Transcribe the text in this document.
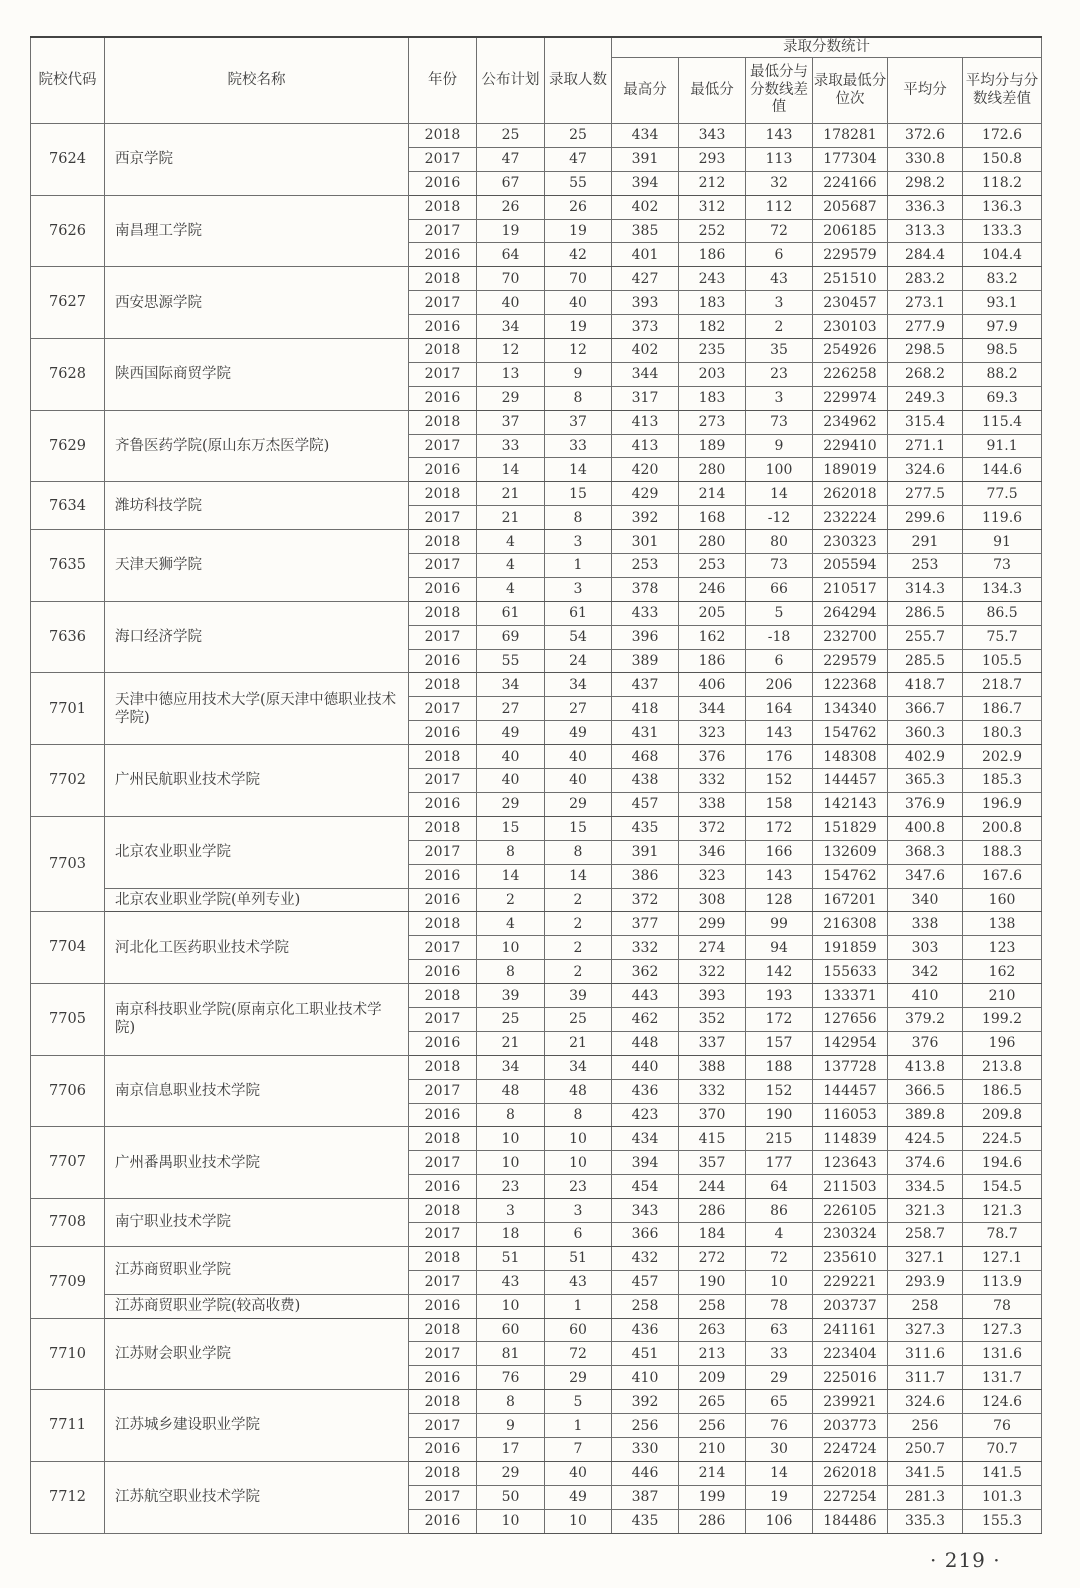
院校代码	院校名称	年份	公布计划	录取人数	录取分数统计					
					最高分	最低分	最低分与分数线差值	录取最低分位次	平均分	平均分与分数线差值
7624	西京学院	2018	25	25	434	343	143	178281	372.6	172.6
		2017	47	47	391	293	113	177304	330.8	150.8
		2016	67	55	394	212	32	224166	298.2	118.2
7626	南昌理工学院	2018	26	26	402	312	112	205687	336.3	136.3
		2017	19	19	385	252	72	206185	313.3	133.3
		2016	64	42	401	186	6	229579	284.4	104.4
7627	西安思源学院	2018	70	70	427	243	43	251510	283.2	83.2
		2017	40	40	393	183	3	230457	273.1	93.1
		2016	34	19	373	182	2	230103	277.9	97.9
7628	陕西国际商贸学院	2018	12	12	402	235	35	254926	298.5	98.5
		2017	13	9	344	203	23	226258	268.2	88.2
		2016	29	8	317	183	3	229974	249.3	69.3
7629	齐鲁医药学院(原山东万杰医学院)	2018	37	37	413	273	73	234962	315.4	115.4
		2017	33	33	413	189	9	229410	271.1	91.1
		2016	14	14	420	280	100	189019	324.6	144.6
7634	潍坊科技学院	2018	21	15	429	214	14	262018	277.5	77.5
		2017	21	8	392	168	-12	232224	299.6	119.6
7635	天津天狮学院	2018	4	3	301	280	80	230323	291	91
		2017	4	1	253	253	73	205594	253	73
		2016	4	3	378	246	66	210517	314.3	134.3
7636	海口经济学院	2018	61	61	433	205	5	264294	286.5	86.5
		2017	69	54	396	162	-18	232700	255.7	75.7
		2016	55	24	389	186	6	229579	285.5	105.5
7701	天津中德应用技术大学(原天津中德职业技术学院)	2018	34	34	437	406	206	122368	418.7	218.7
		2017	27	27	418	344	164	134340	366.7	186.7
		2016	49	49	431	323	143	154762	360.3	180.3
7702	广州民航职业技术学院	2018	40	40	468	376	176	148308	402.9	202.9
		2017	40	40	438	332	152	144457	365.3	185.3
		2016	29	29	457	338	158	142143	376.9	196.9
7703	北京农业职业学院	2018	15	15	435	372	172	151829	400.8	200.8
		2017	8	8	391	346	166	132609	368.3	188.3
		2016	14	14	386	323	143	154762	347.6	167.6
	北京农业职业学院(单列专业)	2016	2	2	372	308	128	167201	340	160
7704	河北化工医药职业技术学院	2018	4	2	377	299	99	216308	338	138
		2017	10	2	332	274	94	191859	303	123
		2016	8	2	362	322	142	155633	342	162
7705	南京科技职业学院(原南京化工职业技术学院)	2018	39	39	443	393	193	133371	410	210
		2017	25	25	462	352	172	127656	379.2	199.2
		2016	21	21	448	337	157	142954	376	196
7706	南京信息职业技术学院	2018	34	34	440	388	188	137728	413.8	213.8
		2017	48	48	436	332	152	144457	366.5	186.5
		2016	8	8	423	370	190	116053	389.8	209.8
7707	广州番禺职业技术学院	2018	10	10	434	415	215	114839	424.5	224.5
		2017	10	10	394	357	177	123643	374.6	194.6
		2016	23	23	454	244	64	211503	334.5	154.5
7708	南宁职业技术学院	2018	3	3	343	286	86	226105	321.3	121.3
		2017	18	6	366	184	4	230324	258.7	78.7
7709	江苏商贸职业学院	2018	51	51	432	272	72	235610	327.1	127.1
		2017	43	43	457	190	10	229221	293.9	113.9
	江苏商贸职业学院(较高收费)	2016	10	1	258	258	78	203737	258	78
7710	江苏财会职业学院	2018	60	60	436	263	63	241161	327.3	127.3
		2017	81	72	451	213	33	223404	311.6	131.6
		2016	76	29	410	209	29	225016	311.7	131.7
7711	江苏城乡建设职业学院	2018	8	5	392	265	65	239921	324.6	124.6
		2017	9	1	256	256	76	203773	256	76
		2016	17	7	330	210	30	224724	250.7	70.7
7712	江苏航空职业技术学院	2018	29	40	446	214	14	262018	341.5	141.5
		2017	50	49	387	199	19	227254	281.3	101.3
		2016	10	10	435	286	106	184486	335.3	155.3
· 219 ·
